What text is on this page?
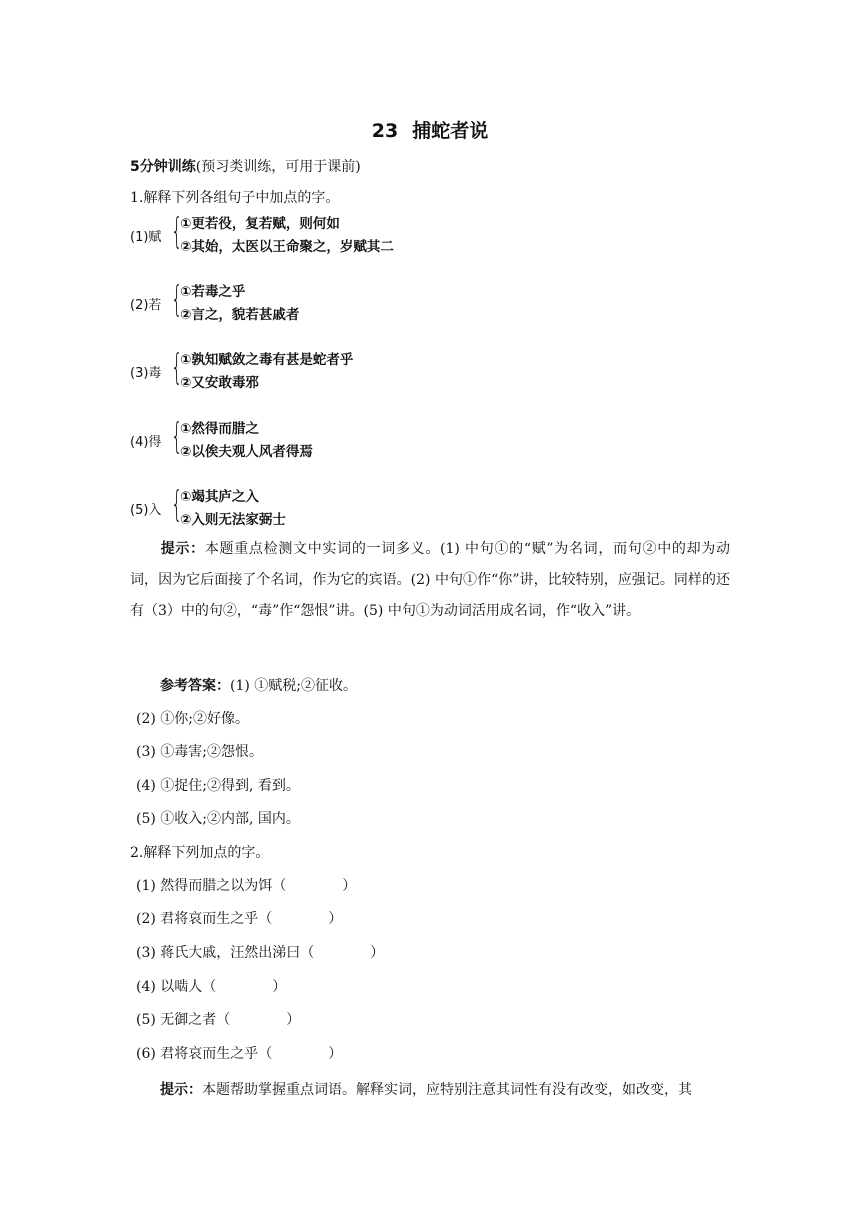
23 捕蛇者说
5分钟训练(预习类训练，可用于课前)
1.解释下列各组句子中加点的字。
(1)赋 {
①更若役，复若赋，则何如
②其始，太医以王命聚之，岁赋其二
(2)若 {
①若毒之乎
②言之，貌若甚戚者
(3)毒 {
①孰知赋敛之毒有甚是蛇者乎
②又安敢毒邪
(4)得 {
①然得而腊之
②以俟夫观人风者得焉
(5)入 {
①竭其庐之入
②入则无法家弼士
提示：本题重点检测文中实词的一词多义。(1) 中句①的“赋”为名词，而句②中的却为动词，因为它后面接了个名词，作为它的宾语。(2) 中句①作“你”讲，比较特别，应强记。同样的还有（3）中的句②，“毒”作“怨恨”讲。(5) 中句①为动词活用成名词，作“收入”讲。
参考答案：(1) ①赋税;②征收。
(2) ①你;②好像。
(3) ①毒害;②怨恨。
(4) ①捉住;②得到, 看到。
(5) ①收入;②内部, 国内。
2.解释下列加点的字。
(1) 然得而腊之以为饵（　　　　）
(2) 君将哀而生之乎（　　　　）
(3) 蒋氏大戚，汪然出涕曰（　　　　）
(4) 以啮人（　　　　）
(5) 无御之者（　　　　）
(6) 君将哀而生之乎（　　　　）
提示：本题帮助掌握重点词语。解释实词，应特别注意其词性有没有改变，如改变，其
